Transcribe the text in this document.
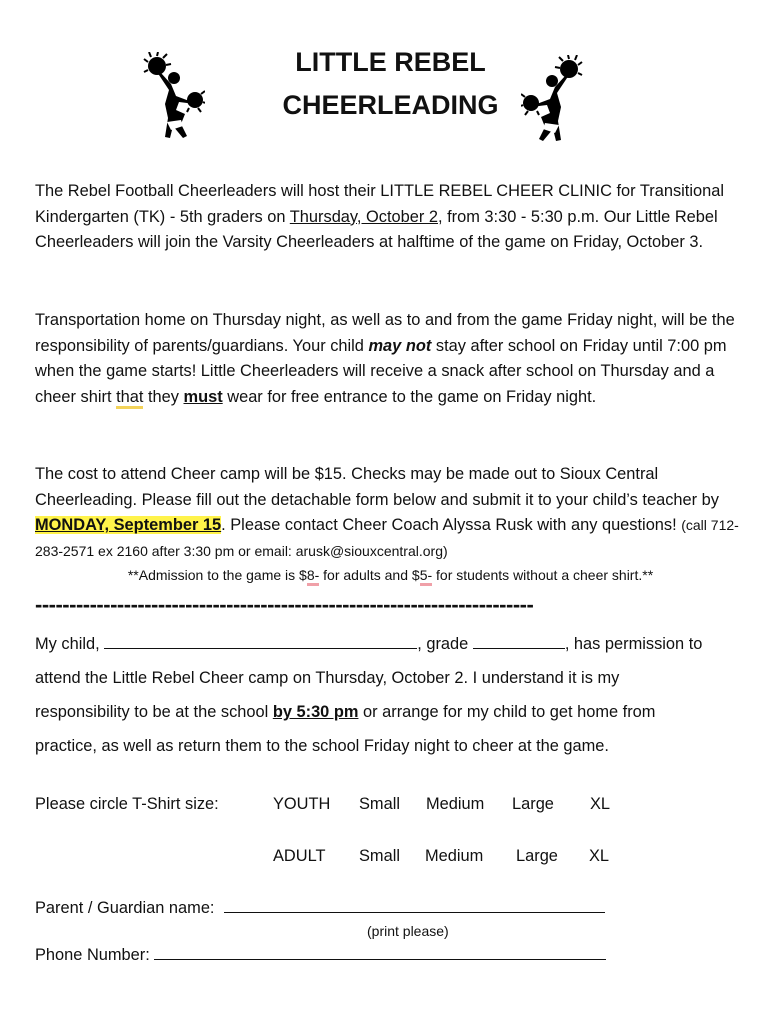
LITTLE REBEL
CHEERLEADING
The Rebel Football Cheerleaders will host their LITTLE REBEL CHEER CLINIC for Transitional Kindergarten (TK) - 5th graders on Thursday, October 2, from 3:30 - 5:30 p.m. Our Little Rebel Cheerleaders will join the Varsity Cheerleaders at halftime of the game on Friday, October 3.
Transportation home on Thursday night, as well as to and from the game Friday night, will be the responsibility of parents/guardians. Your child may not stay after school on Friday until 7:00 pm when the game starts! Little Cheerleaders will receive a snack after school on Thursday and a cheer shirt that they must wear for free entrance to the game on Friday night.
The cost to attend Cheer camp will be $15. Checks may be made out to Sioux Central Cheerleading. Please fill out the detachable form below and submit it to your child’s teacher by MONDAY, September 15. Please contact Cheer Coach Alyssa Rusk with any questions! (call 712-283-2571 ex 2160 after 3:30 pm or email: arusk@siouxcentral.org)
**Admission to the game is $8- for adults and $5- for students without a cheer shirt.**
-------------------------------------------------------------------------
My child,	, grade	, has permission to
attend the Little Rebel Cheer camp on Thursday, October 2. I understand it is my
responsibility to be at the school by 5:30 pm or arrange for my child to get home from
practice, as well as return them to the school Friday night to cheer at the game.
Please circle T-Shirt size:	YOUTH Small Medium Large XL
ADULT Small Medium Large XL
Parent / Guardian name:
(print please)
Phone Number:
